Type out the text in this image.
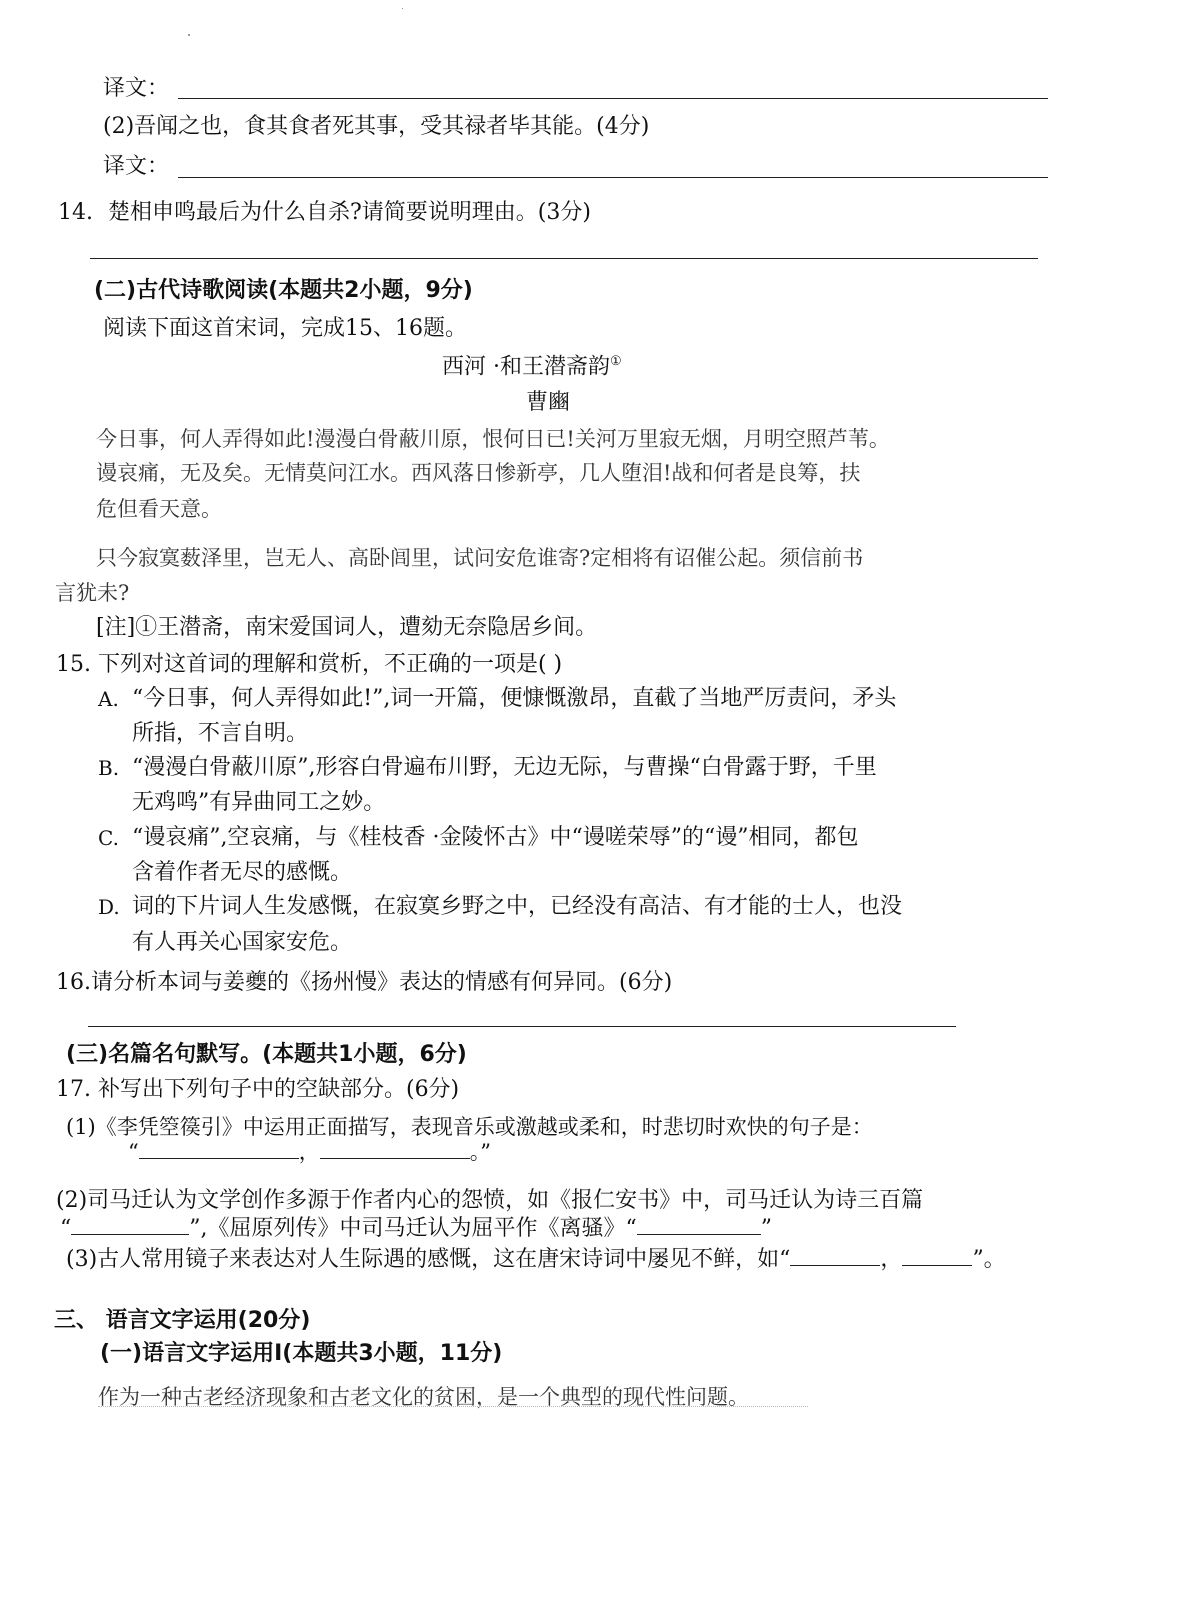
译文：
(2)吾闻之也，食其食者死其事，受其禄者毕其能。(4分)
译文：
14. 楚相申鸣最后为什么自杀?请简要说明理由。(3分)
(二)古代诗歌阅读(本题共2小题，9分)
阅读下面这首宋词，完成15、16题。
西河 ·和王潜斋韵①
曹豳
今日事，何人弄得如此!漫漫白骨蔽川原，恨何日已!关河万里寂无烟，月明空照芦苇。
谩哀痛，无及矣。无情莫问江水。西风落日惨新亭，几人堕泪!战和何者是良筹，扶
危但看天意。
只今寂寞薮泽里，岂无人、高卧闾里，试问安危谁寄?定相将有诏催公起。须信前书
言犹未?
[注]①王潜斋，南宋爱国词人，遭劾无奈隐居乡间。
15. 下列对这首词的理解和赏析，不正确的一项是( )
A. “今日事，何人弄得如此!”,词一开篇，便慷慨激昂，直截了当地严厉责问，矛头
所指，不言自明。
B. “漫漫白骨蔽川原”,形容白骨遍布川野，无边无际，与曹操“白骨露于野，千里
无鸡鸣”有异曲同工之妙。
C. “谩哀痛”,空哀痛，与《桂枝香 ·金陵怀古》中“谩嗟荣辱”的“谩”相同，都包
含着作者无尽的感慨。
D. 词的下片词人生发感慨，在寂寞乡野之中，已经没有高洁、有才能的士人，也没
有人再关心国家安危。
16.请分析本词与姜夔的《扬州慢》表达的情感有何异同。(6分)
(三)名篇名句默写。(本题共1小题，6分)
17. 补写出下列句子中的空缺部分。(6分)
(1)《李凭箜篌引》中运用正面描写，表现音乐或激越或柔和，时悲切时欢快的句子是：
“	，	。”
(2)司马迁认为文学创作多源于作者内心的怨愤，如《报仁安书》中，司马迁认为诗三百篇
“	”,《屈原列传》中司马迁认为屈平作《离骚》“	”
(3)古人常用镜子来表达对人生际遇的感慨，这在唐宋诗词中屡见不鲜，如“	，	”。
三、 语言文字运用(20分)
(一)语言文字运用Ⅰ(本题共3小题，11分)
作为一种古老经济现象和古老文化的贫困，是一个典型的现代性问题。
